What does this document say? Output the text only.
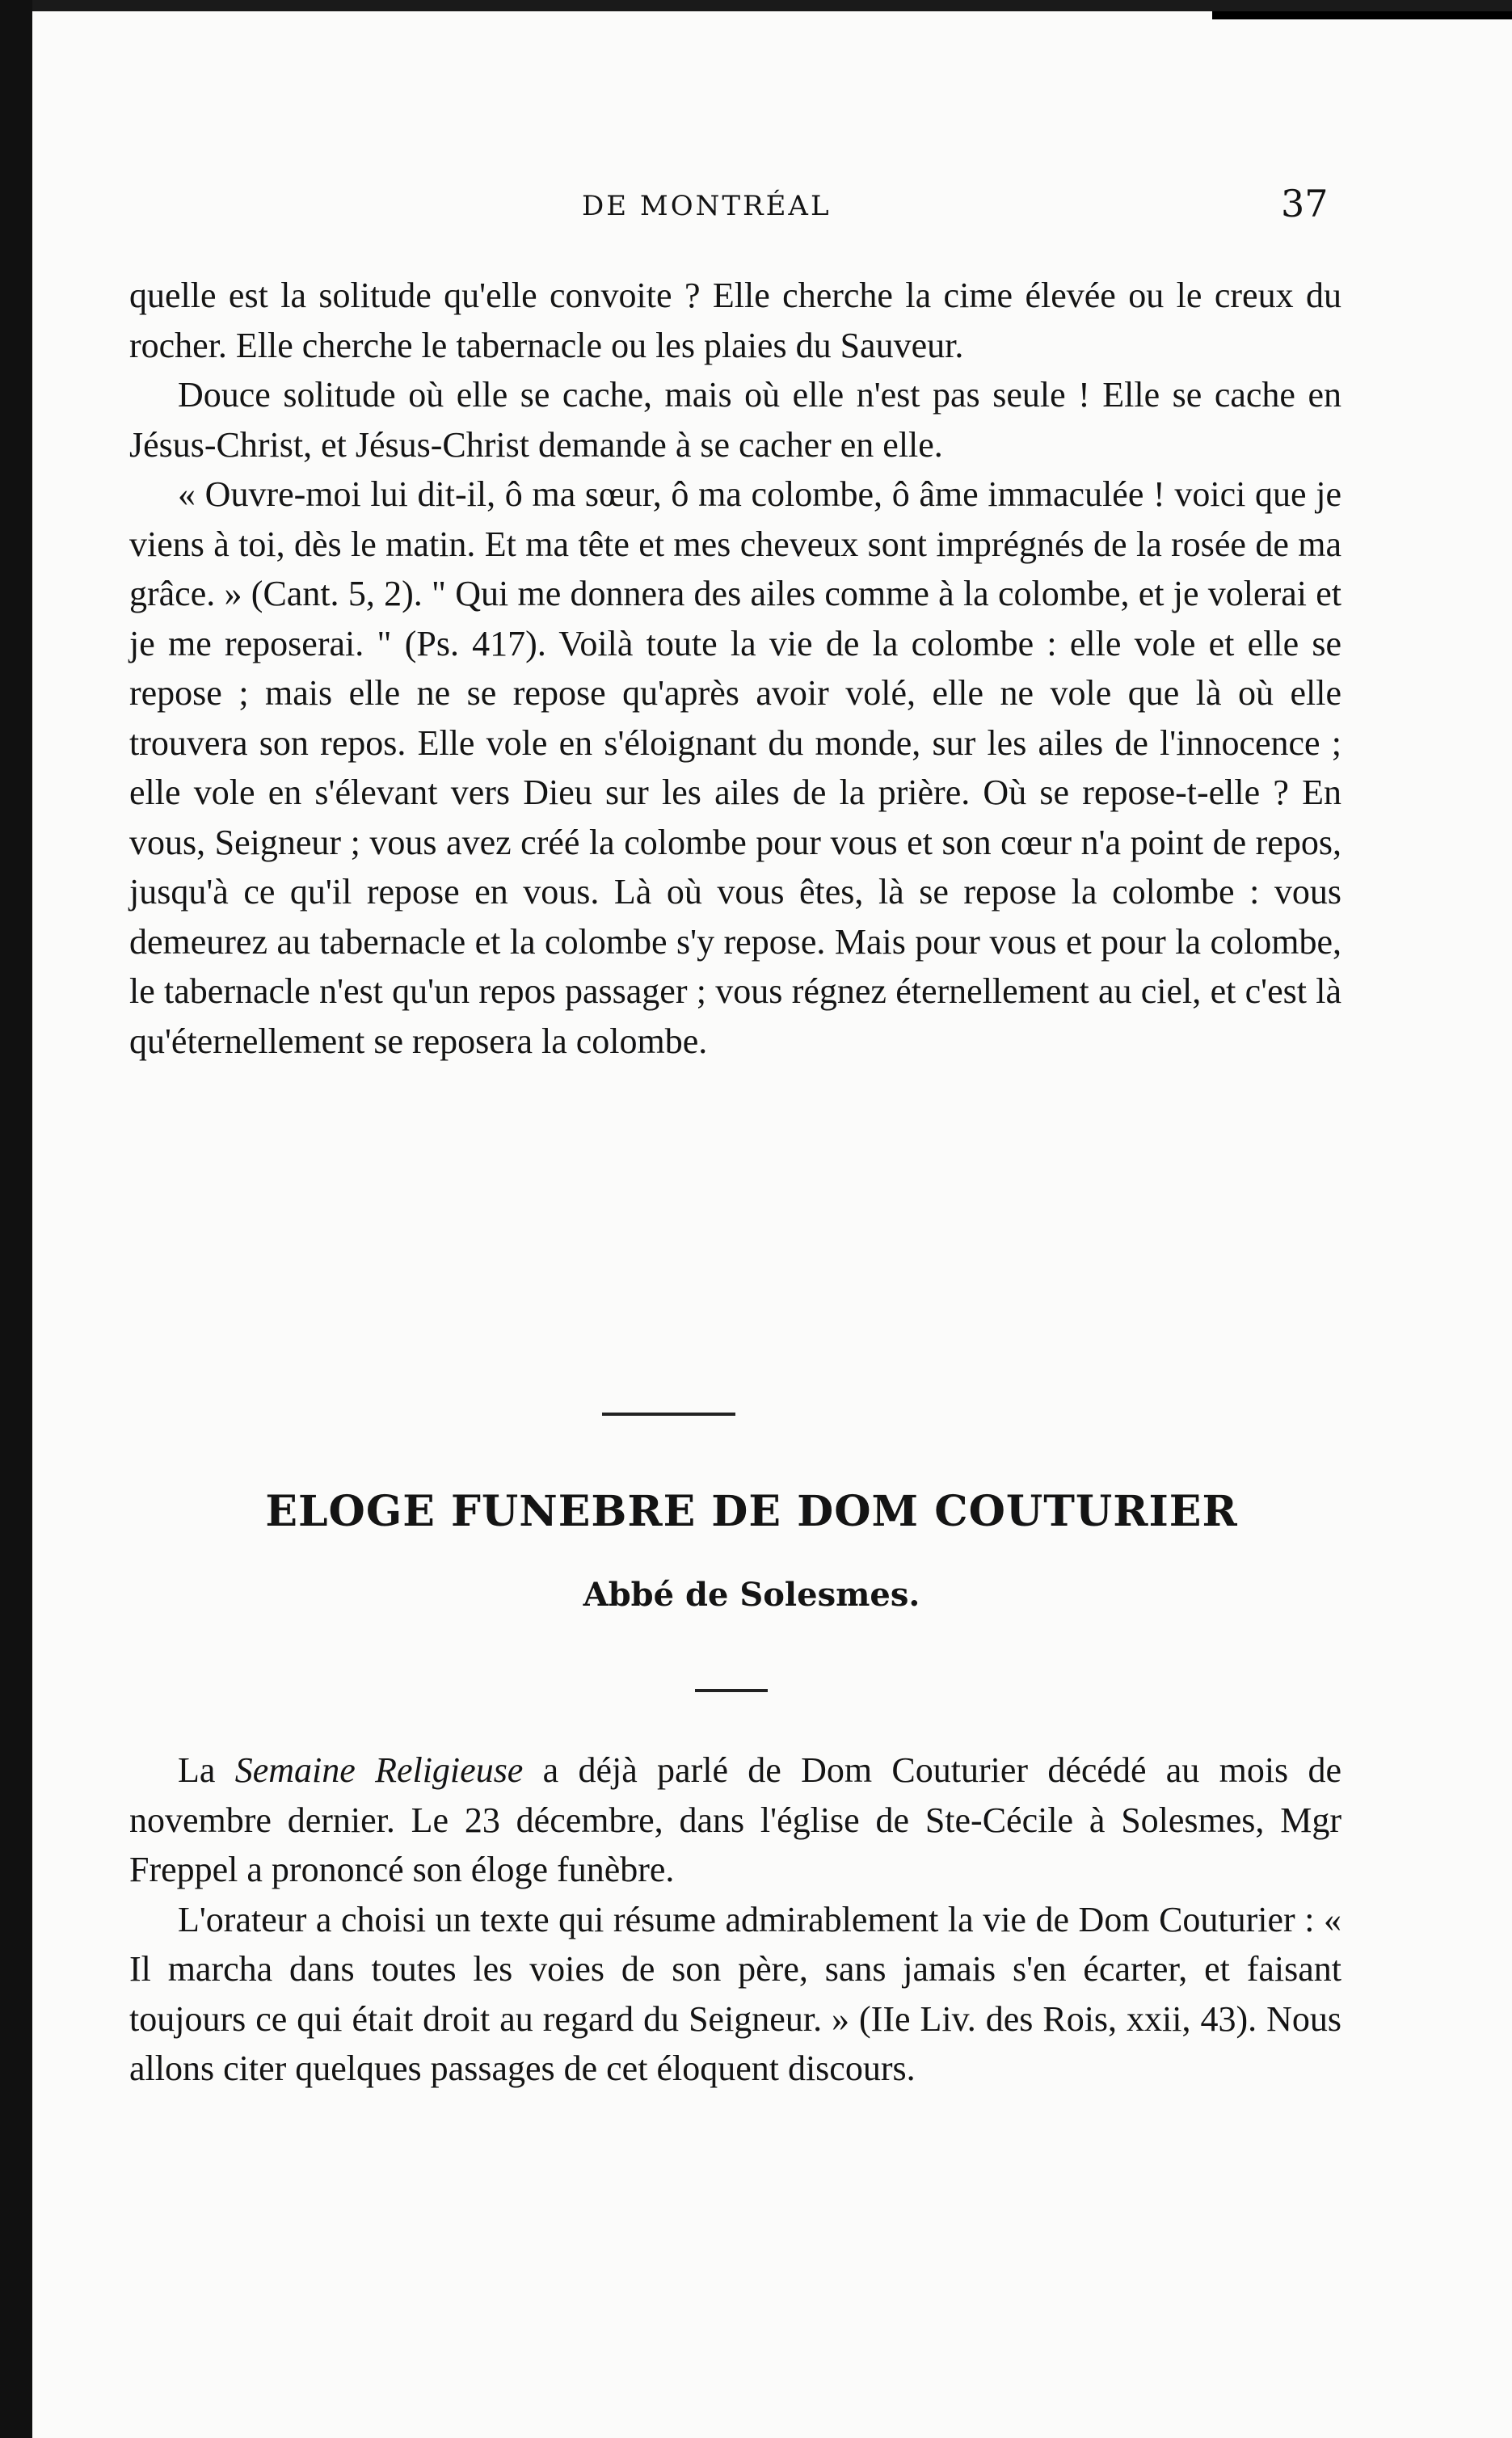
DE MONTRÉAL	37

quelle est la solitude qu'elle convoite ? Elle cherche la cime élevée ou le creux du rocher. Elle cherche le tabernacle ou les plaies du Sauveur.

Douce solitude où elle se cache, mais où elle n'est pas seule ! Elle se cache en Jésus-Christ, et Jésus-Christ demande à se cacher en elle.

« Ouvre-moi lui dit-il, ô ma sœur, ô ma colombe, ô âme immaculée ! voici que je viens à toi, dès le matin. Et ma tête et mes cheveux sont imprégnés de la rosée de ma grâce. » (Cant. 5, 2). " Qui me donnera des ailes comme à la colombe, et je volerai et je me reposerai. " (Ps. 417). Voilà toute la vie de la colombe : elle vole et elle se repose ; mais elle ne se repose qu'après avoir volé, elle ne vole que là où elle trouvera son repos. Elle vole en s'éloignant du monde, sur les ailes de l'innocence ; elle vole en s'élevant vers Dieu sur les ailes de la prière. Où se repose-t-elle ? En vous, Seigneur ; vous avez créé la colombe pour vous et son cœur n'a point de repos, jusqu'à ce qu'il repose en vous. Là où vous êtes, là se repose la colombe : vous demeurez au tabernacle et la colombe s'y repose. Mais pour vous et pour la colombe, le tabernacle n'est qu'un repos passager ; vous régnez éternellement au ciel, et c'est là qu'éternellement se reposera la colombe.

ELOGE FUNEBRE DE DOM COUTURIER
Abbé de Solesmes.

La Semaine Religieuse a déjà parlé de Dom Couturier décédé au mois de novembre dernier. Le 23 décembre, dans l'église de Ste-Cécile à Solesmes, Mgr Freppel a prononcé son éloge funèbre.

L'orateur a choisi un texte qui résume admirablement la vie de Dom Couturier : « Il marcha dans toutes les voies de son père, sans jamais s'en écarter, et faisant toujours ce qui était droit au regard du Seigneur. » (IIe Liv. des Rois, xxii, 43). Nous allons citer quelques passages de cet éloquent discours.
